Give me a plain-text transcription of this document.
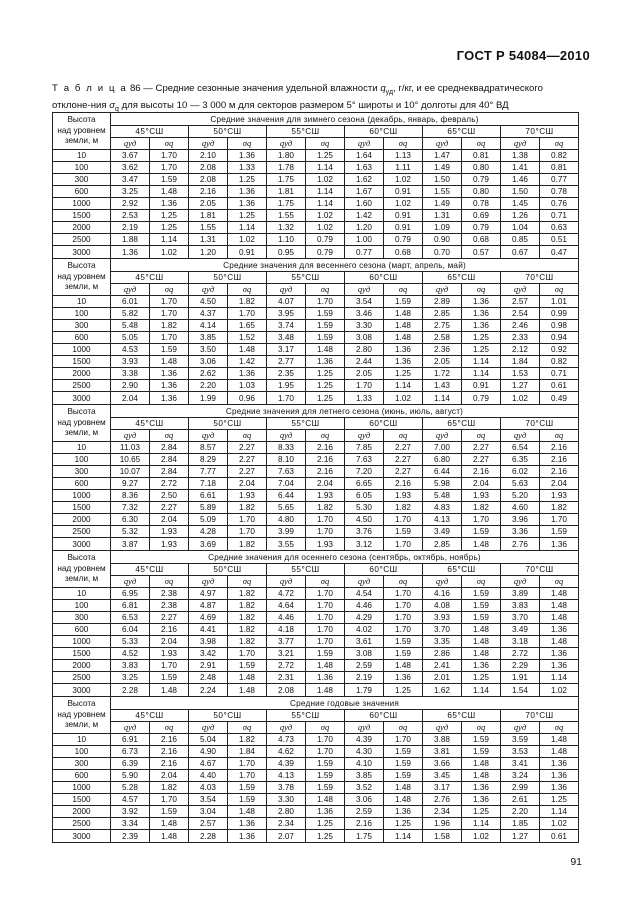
ГОСТ Р 54084—2010
Т а б л и ц а 86 — Средние сезонные значения удельной влажности $q_{уд}$, г/кг, и ее среднеквадратического отклоне-ния $\sigma_q$ для высоты 10 — 3 000 м для секторов размером 5° широты и 10° долготы для 40° ВД
Высота
над уровнем
земли, м	Средние значения для зимнего сезона (декабрь, январь, февраль)											
	45°СШ		50°СШ		55°СШ		60°СШ		65°СШ		70°СШ	
	qуд	σq	qуд	σq	qуд	σq	qуд	σq	qуд	σq	qуд	σq
10	3.67	1.70	2.10	1.36	1.80	1.25	1.64	1.13	1.47	0.81	1.38	0.82
100	3.62	1.70	2.08	1.33	1.78	1.14	1.63	1.11	1.49	0.80	1.41	0.81
300	3.47	1.59	2.08	1.25	1.75	1.02	1.62	1.02	1.50	0.79	1.46	0.77
600	3.25	1.48	2.16	1.36	1.81	1.14	1.67	0.91	1.55	0.80	1.50	0.78
1000	2.92	1.36	2.05	1.36	1.75	1.14	1.60	1.02	1.49	0.78	1.45	0.76
1500	2.53	1.25	1.81	1.25	1.55	1.02	1.42	0.91	1.31	0.69	1.26	0.71
2000	2.19	1.25	1.55	1.14	1.32	1.02	1.20	0.91	1.09	0.79	1.04	0.63
2500	1.88	1.14	1.31	1.02	1.10	0.79	1.00	0.79	0.90	0.68	0.85	0.51
3000	1.36	1.02	1.20	0.91	0.95	0.79	0.77	0.68	0.70	0.57	0.67	0.47

Высота
над уровнем
земли, м	Средние значения для весеннего сезона (март, апрель, май)											
	45°СШ		50°СШ		55°СШ		60°СШ		65°СШ		70°СШ	
	qуд	σq	qуд	σq	qуд	σq	qуд	σq	qуд	σq	qуд	σq
10	6.01	1.70	4.50	1.82	4.07	1.70	3.54	1.59	2.89	1.36	2.57	1.01
100	5.82	1.70	4.37	1.70	3.95	1.59	3.46	1.48	2.85	1.36	2.54	0.99
300	5.48	1.82	4.14	1.65	3.74	1.59	3.30	1.48	2.75	1.36	2.46	0.98
600	5.05	1.70	3.85	1.52	3.48	1.59	3.08	1.48	2.58	1.25	2.33	0.94
1000	4.53	1.59	3.50	1.48	3.17	1.48	2.80	1.36	2.36	1.25	2.12	0.92
1500	3.93	1.48	3.06	1.42	2.77	1.36	2.44	1.36	2.05	1.14	1.84	0.82
2000	3.38	1.36	2.62	1.36	2.35	1.25	2.05	1.25	1.72	1.14	1.53	0.71
2500	2.90	1.36	2.20	1.03	1.95	1.25	1.70	1.14	1.43	0.91	1.27	0.61
3000	2.04	1.36	1.99	0.96	1.70	1.25	1.33	1.02	1.14	0.79	1.02	0.49

Высота
над уровнем
земли, м	Средние значения для летнего сезона (июнь, июль, август)											
	45°СШ		50°СШ		55°СШ		60°СШ		65°СШ		70°СШ	
	qуд	σq	qуд	σq	qуд	σq	qуд	σq	qуд	σq	qуд	σq
10	11.03	2.84	8.57	2.27	8.33	2.16	7.85	2.27	7.00	2.27	6.54	2.16
100	10.65	2.84	8.29	2.27	8.10	2.16	7.63	2.27	6.80	2.27	6.35	2.16
300	10.07	2.84	7.77	2.27	7.63	2.16	7.20	2.27	6.44	2.16	6.02	2.16
600	9.27	2.72	7.18	2.04	7.04	2.04	6.65	2.16	5.98	2.04	5.63	2.04
1000	8.36	2.50	6.61	1.93	6.44	1.93	6.05	1.93	5.48	1.93	5.20	1.93
1500	7.32	2.27	5.89	1.82	5.65	1.82	5.30	1.82	4.83	1.82	4.60	1.82
2000	6.30	2.04	5.09	1.70	4.80	1.70	4.50	1.70	4.13	1.70	3.96	1.70
2500	5.32	1.93	4.28	1.70	3.99	1.70	3.76	1.59	3.49	1.59	3.36	1.59
3000	3.87	1.93	3.69	1.82	3.55	1.93	3.12	1.70	2.85	1.48	2.76	1.36

Высота
над уровнем
земли, м	Средние значения для осеннего сезона (сентябрь, октябрь, ноябрь)											
	45°СШ		50°СШ		55°СШ		60°СШ		65°СШ		70°СШ	
	qуд	σq	qуд	σq	qуд	σq	qуд	σq	qуд	σq	qуд	σq
10	6.95	2.38	4.97	1.82	4.72	1.70	4.54	1.70	4.16	1.59	3.89	1.48
100	6.81	2.38	4.87	1.82	4.64	1.70	4.46	1.70	4.08	1.59	3.83	1.48
300	6.53	2.27	4.69	1.82	4.46	1.70	4.29	1.70	3.93	1.59	3.70	1.48
600	6.04	2.16	4.41	1.82	4.18	1.70	4.02	1.70	3.70	1.48	3.49	1.36
1000	5.33	2.04	3.98	1.82	3.77	1.70	3.61	1.59	3.35	1.48	3.18	1.48
1500	4.52	1.93	3.42	1.70	3.21	1.59	3.08	1.59	2.86	1.48	2.72	1.36
2000	3.83	1.70	2.91	1.59	2.72	1.48	2.59	1.48	2.41	1.36	2.29	1.36
2500	3.25	1.59	2.48	1.48	2.31	1.36	2.19	1.36	2.01	1.25	1.91	1.14
3000	2.28	1.48	2.24	1.48	2.08	1.48	1.79	1.25	1.62	1.14	1.54	1.02

Высота
над уровнем
земли, м	Средние годовые значения											
	45°СШ		50°СШ		55°СШ		60°СШ		65°СШ		70°СШ	
	qуд	σq	qуд	σq	qуд	σq	qуд	σq	qуд	σq	qуд	σq
10	6.91	2.16	5.04	1.82	4.73	1.70	4.39	1.70	3.88	1.59	3.59	1.48
100	6.73	2.16	4.90	1.84	4.62	1.70	4.30	1.59	3.81	1.59	3.53	1.48
300	6.39	2.16	4.67	1.70	4.39	1.59	4.10	1.59	3.66	1.48	3.41	1.36
600	5.90	2.04	4.40	1.70	4.13	1.59	3.85	1.59	3.45	1.48	3.24	1.36
1000	5.28	1.82	4.03	1.59	3.78	1.59	3.52	1.48	3.17	1.36	2.99	1.36
1500	4.57	1.70	3.54	1.59	3.30	1.48	3.06	1.48	2.76	1.36	2.61	1.25
2000	3.92	1.59	3.04	1.48	2.80	1.36	2.59	1.36	2.34	1.25	2.20	1.14
2500	3.34	1.48	2.57	1.36	2.34	1.25	2.16	1.25	1.96	1.14	1.85	1.02
3000	2.39	1.48	2.28	1.36	2.07	1.25	1.75	1.14	1.58	1.02	1.27	0.61
91
